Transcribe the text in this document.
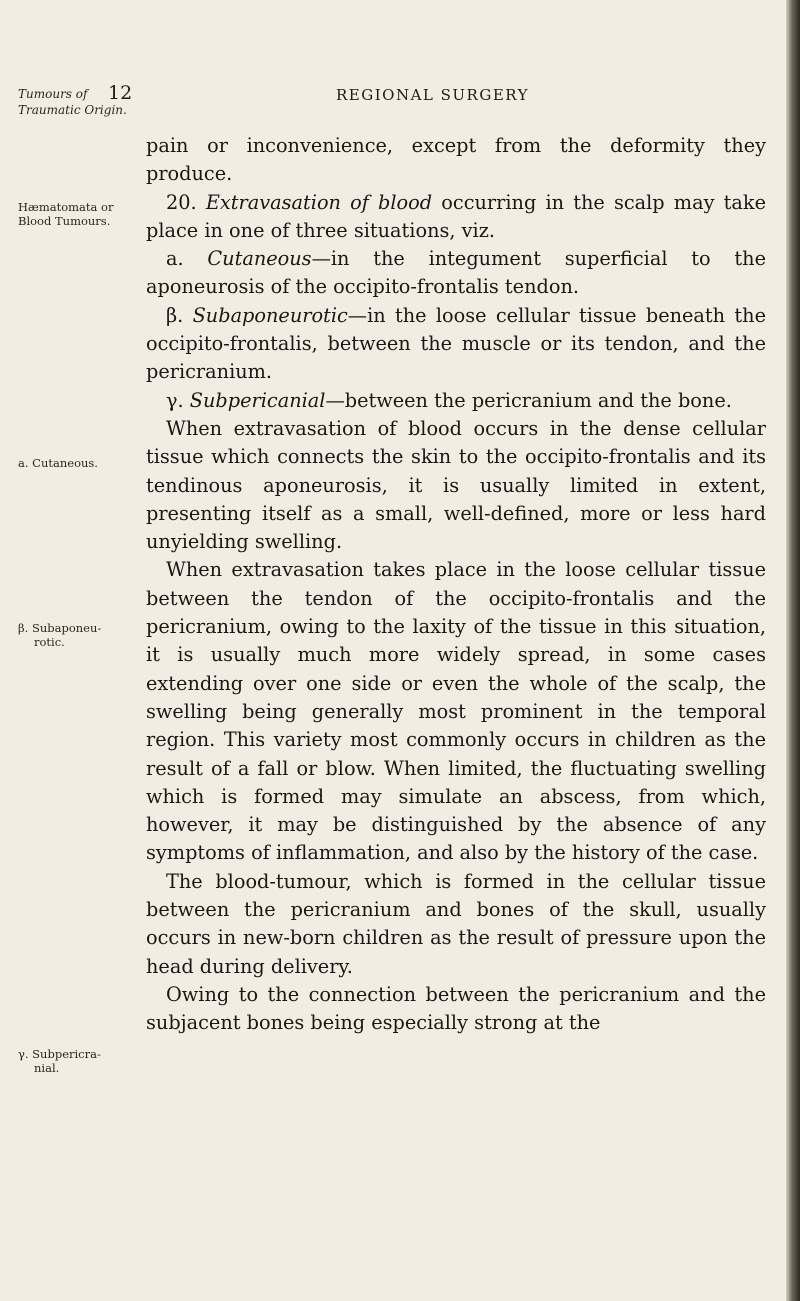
Tumours of
Traumatic Origin.
12	REGIONAL SURGERY
Hæmatomata or
Blood Tumours.
a. Cutaneous.
β. Subaponeu-
rotic.
γ. Subpericra-
nial.

pain or inconvenience, except from the deformity they produce.

20. Extravasation of blood occurring in the scalp may take place in one of three situations, viz.

a. Cutaneous—in the integument superficial to the aponeurosis of the occipito-frontalis tendon.

β. Subaponeurotic—in the loose cellular tissue beneath the occipito-frontalis, between the muscle or its tendon, and the pericranium.

γ. Subpericanial—between the pericranium and the bone.

When extravasation of blood occurs in the dense cellular tissue which connects the skin to the occipito-frontalis and its tendinous aponeurosis, it is usually limited in extent, presenting itself as a small, well-defined, more or less hard unyielding swelling.

When extravasation takes place in the loose cellular tissue between the tendon of the occipito-frontalis and the pericranium, owing to the laxity of the tissue in this situation, it is usually much more widely spread, in some cases extending over one side or even the whole of the scalp, the swelling being generally most prominent in the temporal region. This variety most commonly occurs in children as the result of a fall or blow. When limited, the fluctuating swelling which is formed may simulate an abscess, from which, however, it may be distinguished by the absence of any symptoms of inflammation, and also by the history of the case.

The blood-tumour, which is formed in the cellular tissue between the pericranium and bones of the skull, usually occurs in new-born children as the result of pressure upon the head during delivery.

Owing to the connection between the pericranium and the subjacent bones being especially strong at the
